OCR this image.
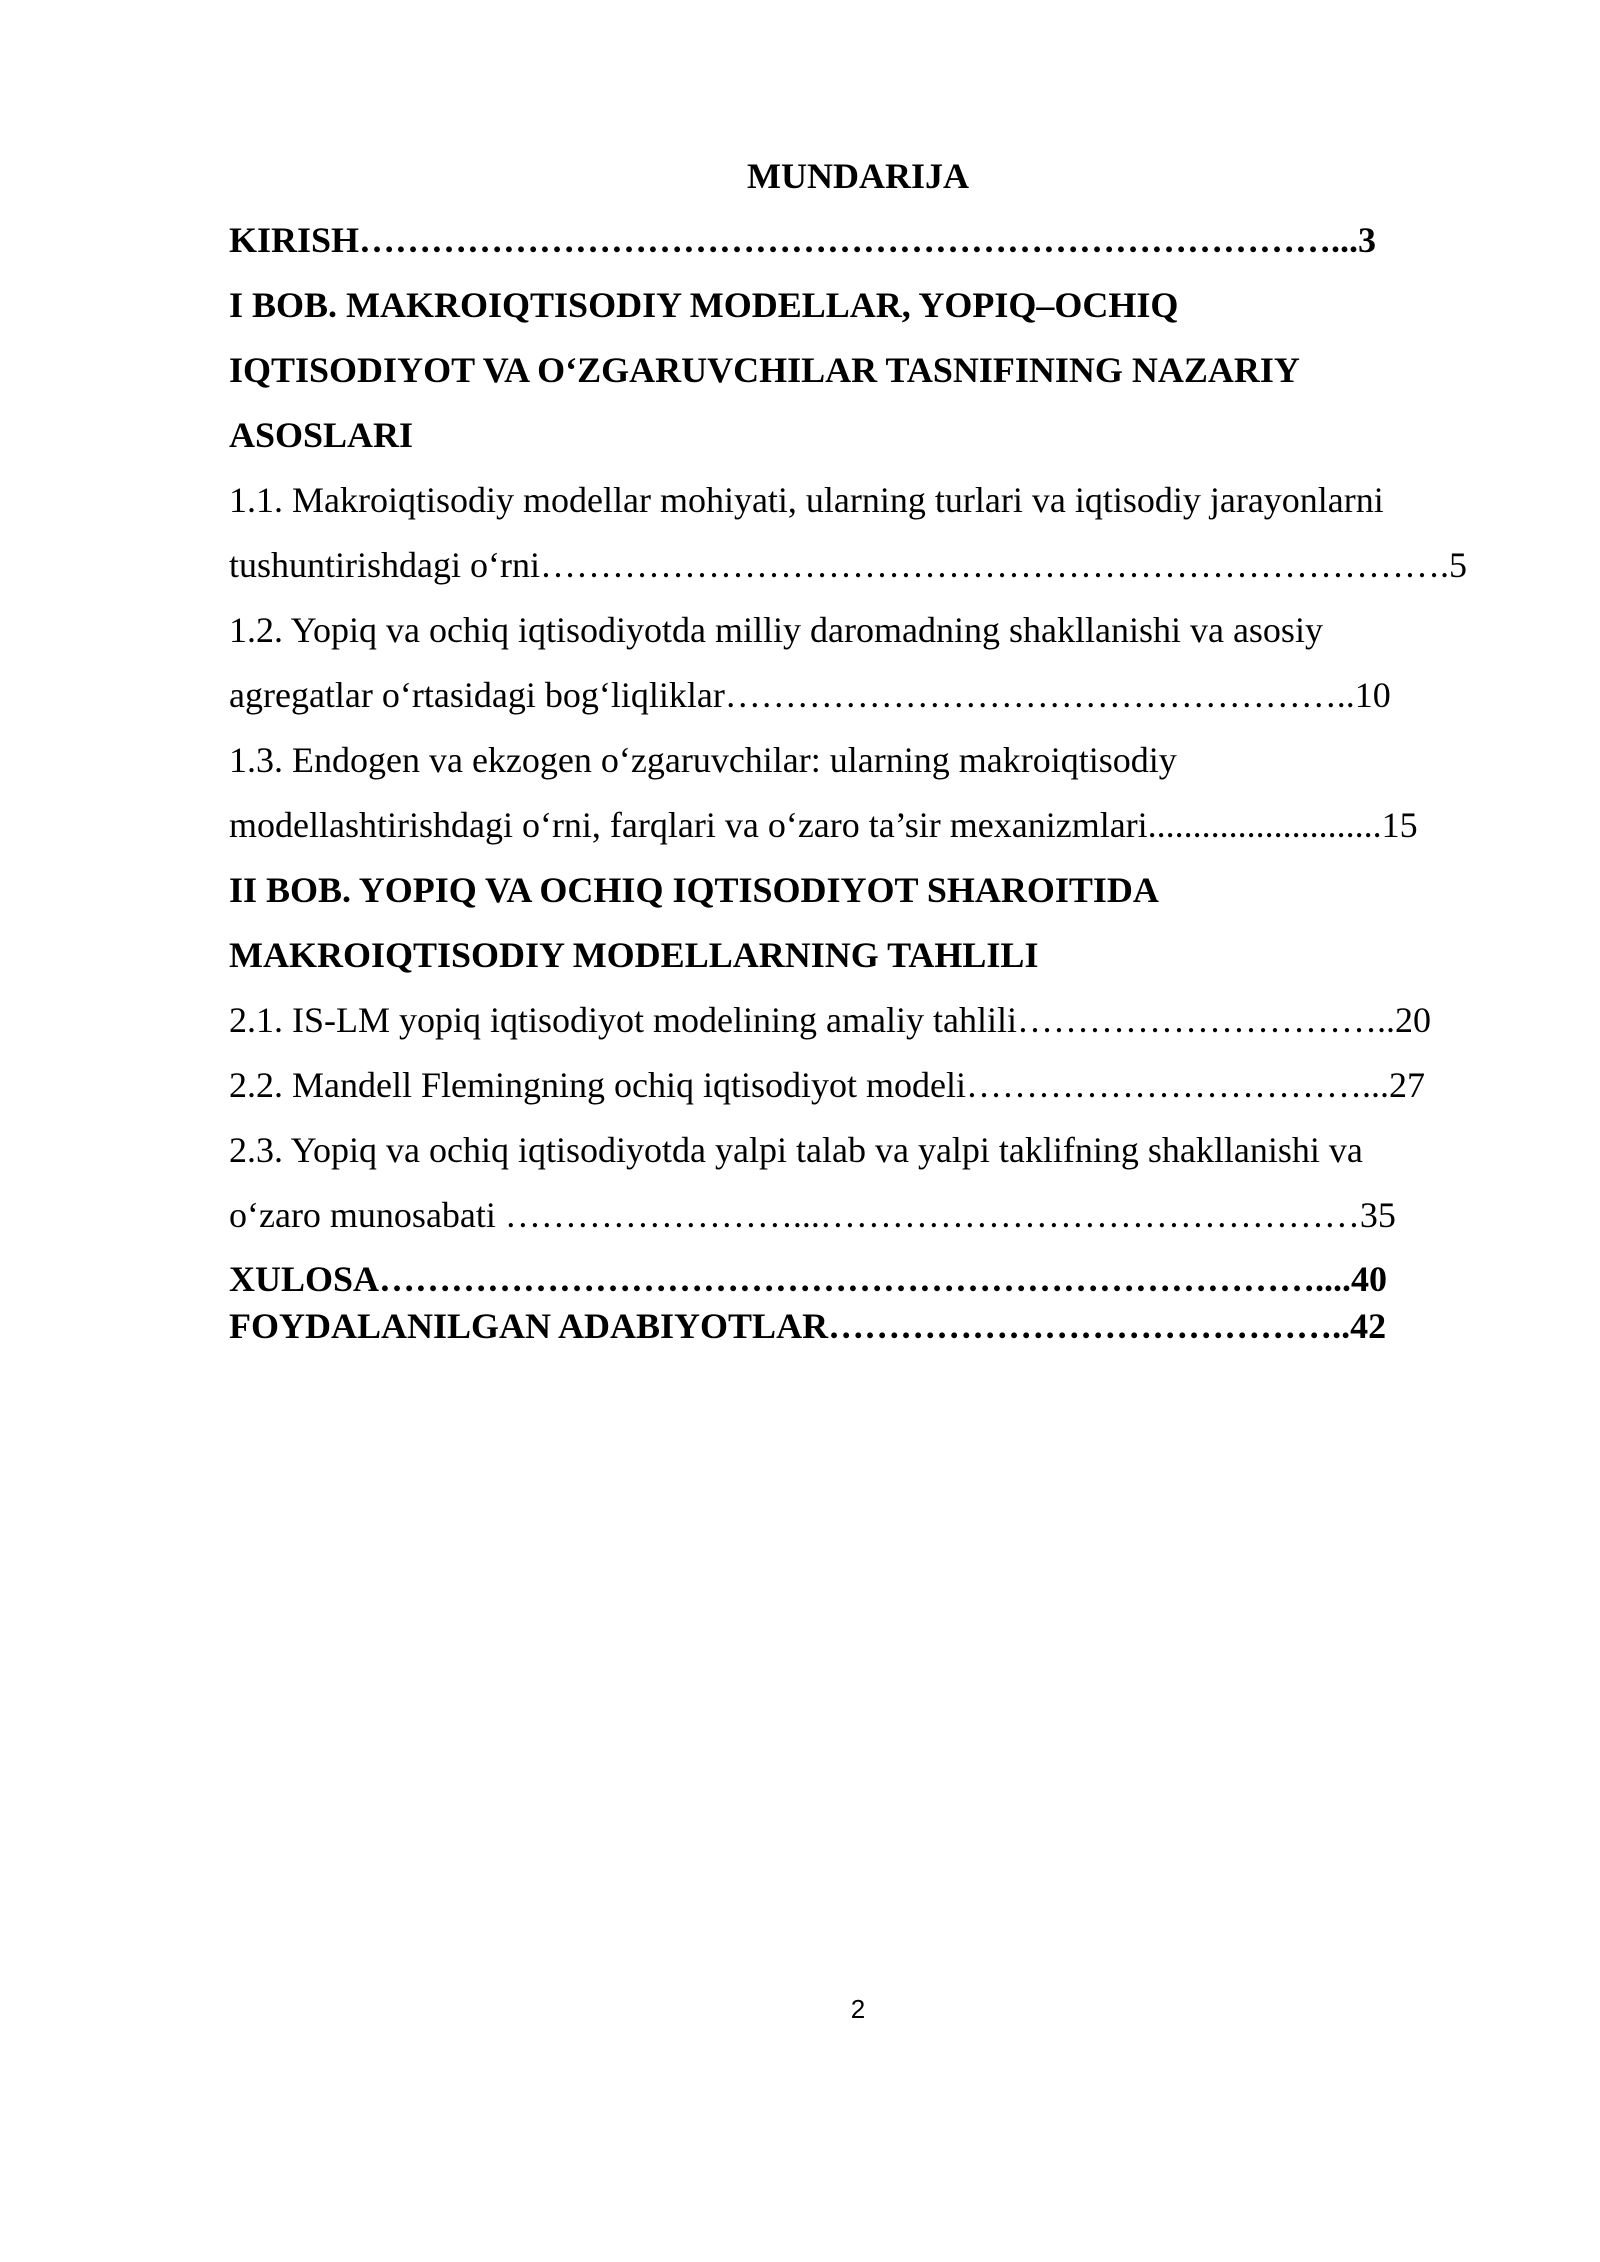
MUNDARIJA
KIRISH………………………………………………………………………...3
I BOB. MAKROIQTISODIY MODELLAR, YOPIQ–OCHIQ
IQTISODIYOT VA O‘ZGARUVCHILAR TASNIFINING NAZARIY
ASOSLARI
1.1. Makroiqtisodiy modellar mohiyati, ularning turlari va iqtisodiy jarayonlarni
tushuntirishdagi o‘rni………………………………………………………………….5
1.2. Yopiq va ochiq iqtisodiyotda milliy daromadning shakllanishi va asosiy
agregatlar o‘rtasidagi bog‘liqliklar……………………………………………..10
1.3. Endogen va ekzogen o‘zgaruvchilar: ularning makroiqtisodiy
modellashtirishdagi o‘rni, farqlari va o‘zaro ta’sir mexanizmlari..........................15
II BOB. YOPIQ VA OCHIQ IQTISODIYOT SHAROITIDA
MAKROIQTISODIY MODELLARNING TAHLILI
2.1. IS-LM yopiq iqtisodiyot modelining amaliy tahlili…………………………..20
2.2. Mandell Flemingning ochiq iqtisodiyot modeli……………………………...27
2.3. Yopiq va ochiq iqtisodiyotda yalpi talab va yalpi taklifning shakllanishi va
o‘zaro munosabati ……………………...………………………………………35
XULOSA……………………………………………………………………....40
FOYDALANILGAN ADABIYOTLAR……………………………………..42
2
